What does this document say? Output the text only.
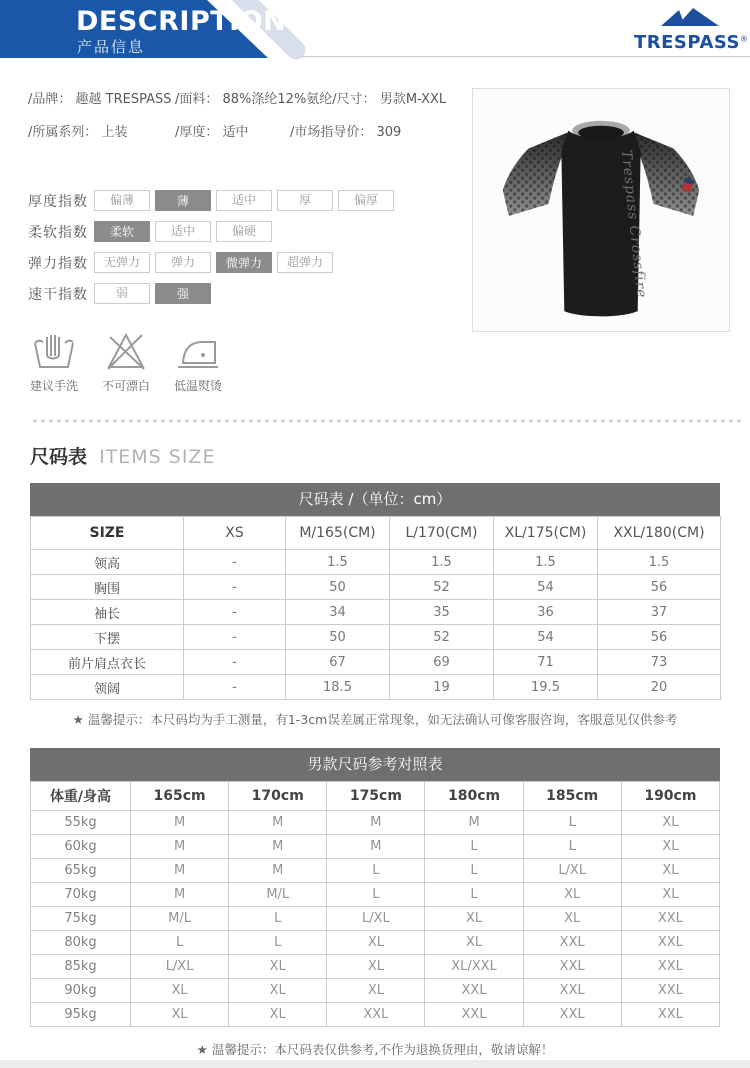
DESCRIPTION
产品信息	TRESPASS®
/品牌： 趣越 TRESPASS /面料： 88%涤纶12%氨纶/尺寸： 男款M-XXL
/所属系列： 上装	/厚度： 适中	/市场指导价： 309
厚度指数	偏薄	薄	适中	厚	偏厚
柔软指数	柔软	适中	偏硬
弹力指数	无弹力	弹力	微弹力	超弹力
速干指数	弱	强
建议手洗	不可漂白	低温熨烫
Trespass Crossfire
尺码表 ITEMS SIZE
尺码表 /（单位：cm）
SIZE	XS	M/165(CM)	L/170(CM)	XL/175(CM)	XXL/180(CM)
领高	-	1.5	1.5	1.5	1.5
胸围	-	50	52	54	56
袖长	-	34	35	36	37
下摆	-	50	52	54	56
前片肩点衣长	-	67	69	71	73
领阔	-	18.5	19	19.5	20
★ 温馨提示：本尺码均为手工测量，有1-3cm误差属正常现象，如无法确认可像客服咨询，客服意见仅供参考
男款尺码参考对照表
体重/身高	165cm	170cm	175cm	180cm	185cm	190cm
55kg	M	M	M	M	L	XL
60kg	M	M	M	L	L	XL
65kg	M	M	L	L	L/XL	XL
70kg	M	M/L	L	L	XL	XL
75kg	M/L	L	L/XL	XL	XL	XXL
80kg	L	L	XL	XL	XXL	XXL
85kg	L/XL	XL	XL	XL/XXL	XXL	XXL
90kg	XL	XL	XL	XXL	XXL	XXL
95kg	XL	XL	XXL	XXL	XXL	XXL
★ 温馨提示：本尺码表仅供参考,不作为退换货理由，敬请谅解！
